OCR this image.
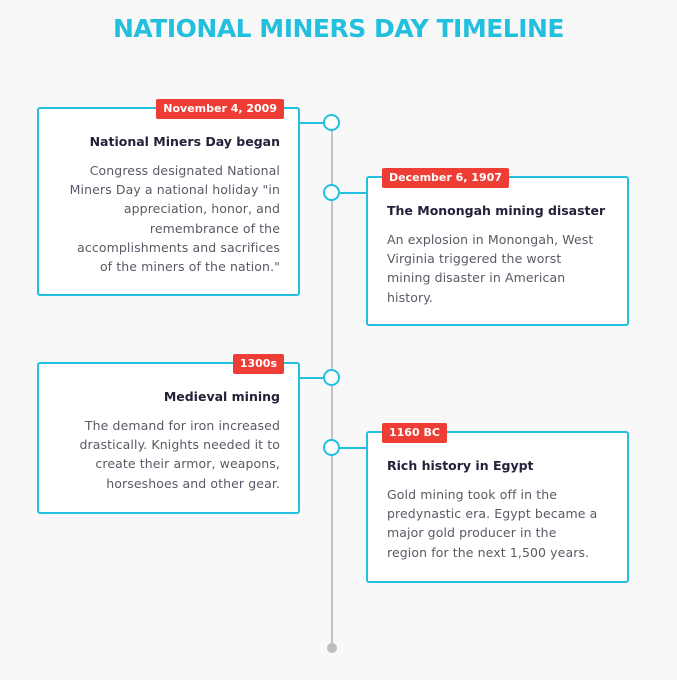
NATIONAL MINERS DAY TIMELINE
November 4, 2009
National Miners Day began
Congress designated National
Miners Day a national holiday "in
appreciation, honor, and
remembrance of the
accomplishments and sacrifices
of the miners of the nation."
December 6, 1907
The Monongah mining disaster
An explosion in Monongah, West
Virginia triggered the worst
mining disaster in American
history.
1300s
Medieval mining
The demand for iron increased
drastically. Knights needed it to
create their armor, weapons,
horseshoes and other gear.
1160 BC
Rich history in Egypt
Gold mining took off in the
predynastic era. Egypt became a
major gold producer in the
region for the next 1,500 years.
